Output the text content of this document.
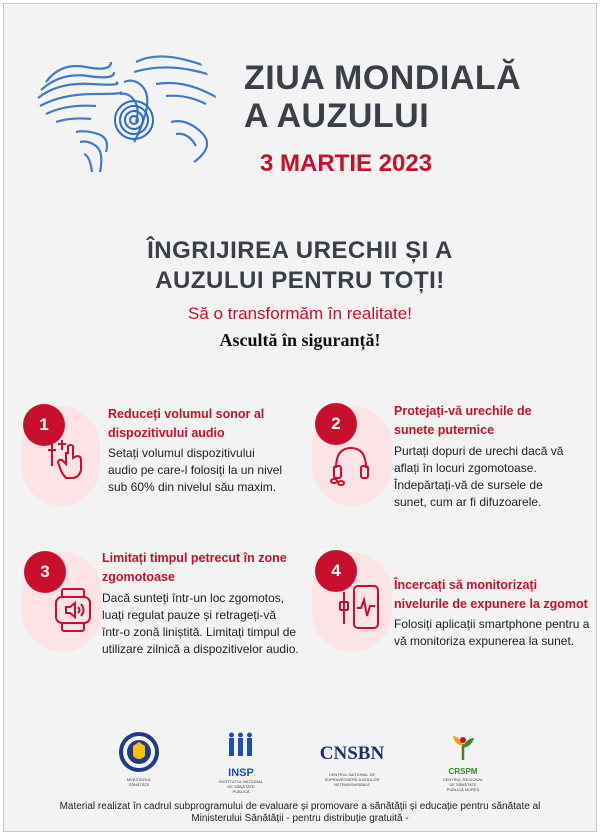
ZIUA MONDIALĂ
A AUZULUI
3 MARTIE 2023
ÎNGRIJIREA URECHII ȘI A
AUZULUI PENTRU TOȚI!
Să o transformăm în realitate!
Ascultă în siguranță!
1
Reduceți volumul sonor al
dispozitivului audio
Setați volumul dispozitivului
audio pe care-l folosiți la un nivel
sub 60% din nivelul său maxim.
2
Protejați-vă urechile de
sunete puternice
Purtați dopuri de urechi dacă vă
aflați în locuri zgomotoase.
Îndepărtați-vă de sursele de
sunet, cum ar fi difuzoarele.
3
Limitați timpul petrecut în zone
zgomotoase
Dacă sunteți într-un loc zgomotos,
luați regulat pauze și retrageți-vă
într-o zonă liniștită. Limitați timpul de
utilizare zilnică a dispozitivelor audio.
4
Încercați să monitorizați
nivelurile de expunere la zgomot
Folosiți aplicații smartphone pentru a
vă monitoriza expunerea la sunet.
MINISTERUL
SĂNĂTĂȚII
INSP
INSTITUTUL NAȚIONAL
DE SĂNĂTATE
PUBLICĂ
CNSBN
CENTRUL NAȚIONAL DE
SUPRAVEGHERE A BOLILOR
NETRANSMISIBILE
CRSPM
CENTRUL REGIONAL
DE SĂNĂTATE
PUBLICĂ MUREȘ
Material realizat în cadrul subprogramului de evaluare și promovare a sănătății și educație pentru sănătate al
Ministerului Sănătății - pentru distribuție gratuită -
